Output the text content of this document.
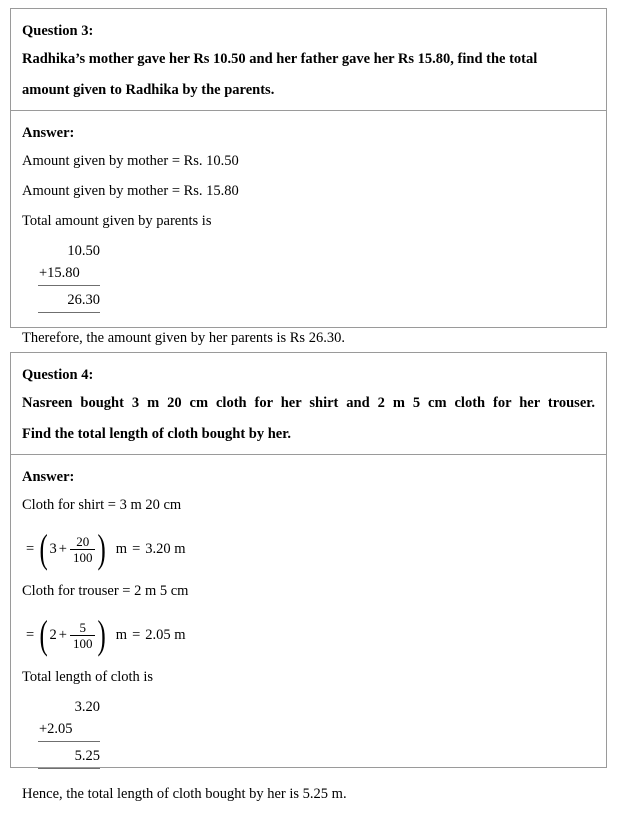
Question 3:

Radhika’s mother gave her Rs 10.50 and her father gave her Rs 15.80, find the total

amount given to Radhika by the parents.

Answer:

Amount given by mother = Rs. 10.50

Amount given by mother = Rs. 15.80

Total amount given by parents is

10.50
+15.80
26.30

Therefore, the amount given by her parents is Rs 26.30.

Question 4:

Nasreen bought 3 m 20 cm cloth for her shirt and 2 m 5 cm cloth for her trouser.

Find the total length of cloth bought by her.

Answer:

Cloth for shirt = 3 m 20 cm

= ( $3 + \frac{20}{100}$ ) m = 3.20 m

Cloth for trouser = 2 m 5 cm

= ( $2 + \frac{5}{100}$ ) m = 2.05 m

Total length of cloth is

3.20
+2.05
5.25

Hence, the total length of cloth bought by her is 5.25 m.
